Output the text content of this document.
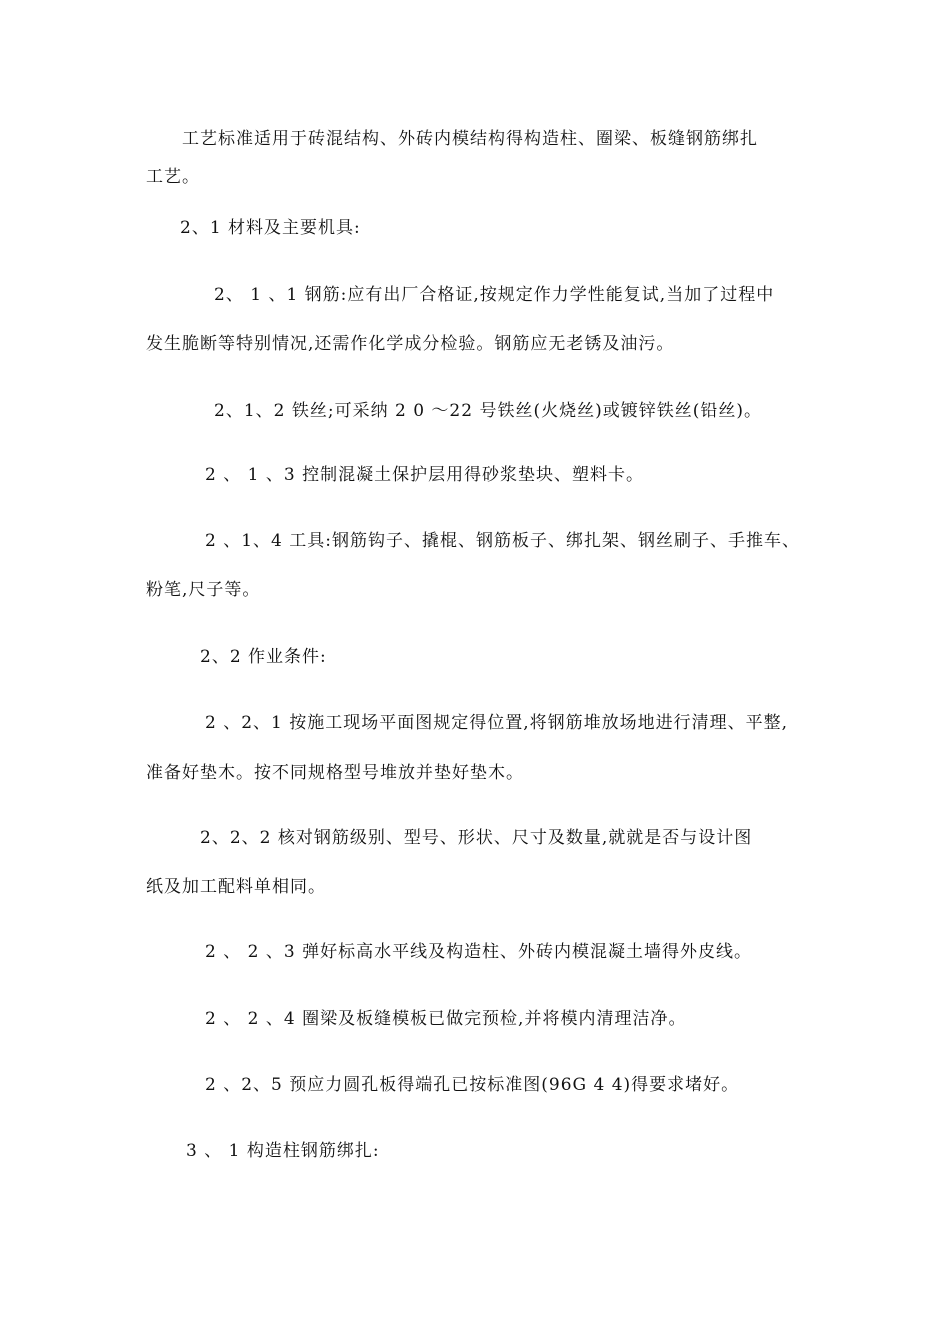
工艺标准适用于砖混结构、外砖内模结构得构造柱、圈梁、板缝钢筋绑扎
工艺。
2、1 材料及主要机具:
2、 1 、1 钢筋:应有出厂合格证,按规定作力学性能复试,当加了过程中
发生脆断等特别情况,还需作化学成分检验。钢筋应无老锈及油污。
2、1、2 铁丝;可采纳 2 0 ～22 号铁丝(火烧丝)或镀锌铁丝(铅丝)。
2 、 1 、3 控制混凝土保护层用得砂浆垫块、塑料卡。
2 、1、4 工具:钢筋钩子、撬棍、钢筋板子、绑扎架、钢丝刷子、手推车、
粉笔,尺子等。
2、2 作业条件:
2 、2、1 按施工现场平面图规定得位置,将钢筋堆放场地进行清理、平整,
准备好垫木。按不同规格型号堆放并垫好垫木。
2、2、2 核对钢筋级别、型号、形状、尺寸及数量,就就是否与设计图
纸及加工配料单相同。
2 、 2 、3 弹好标高水平线及构造柱、外砖内模混凝土墙得外皮线。
2 、 2 、4 圈梁及板缝模板已做完预检,并将模内清理洁净。
2 、2、5 预应力圆孔板得端孔已按标准图(96G 4 4)得要求堵好。
3 、 1 构造柱钢筋绑扎:
